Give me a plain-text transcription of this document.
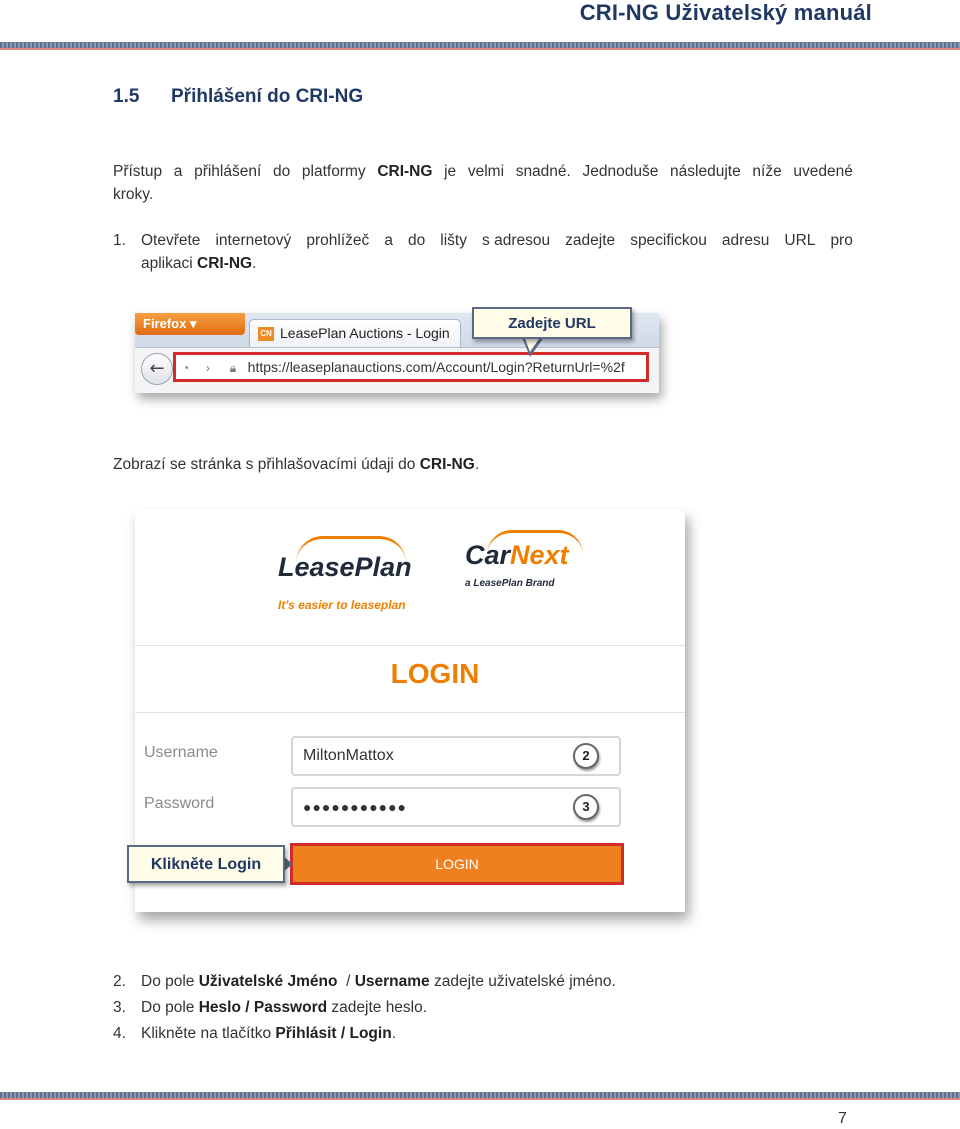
CRI-NG Uživatelský manuál
1.5 Přihlášení do CRI-NG
Přístup a přihlášení do platformy CRI-NG je velmi snadné. Jednoduše následujte níže uvedené
kroky.
1. Otevřete internetový prohlížeč a do lišty s adresou zadejte specifickou adresu URL pro
aplikaci CRI-NG.
Firefox ▾
CN LeasePlan Auctions - Login
←	◔ › 🔒︎ https://leaseplanauctions.com/Account/Login?ReturnUrl=%2f
Zadejte URL
Zobrazí se stránka s přihlašovacími údaji do CRI-NG.
LeasePlan
It's easier to leaseplan
CarNext
a LeasePlan Brand
LOGIN
Username	MiltonMattox	2
Password	●●●●●●●●●●●	3
LOGIN
Klikněte Login
2. Do pole Uživatelské Jméno  / Username zadejte uživatelské jméno.
3. Do pole Heslo / Password zadejte heslo.
4. Klikněte na tlačítko Přihlásit / Login.
7
